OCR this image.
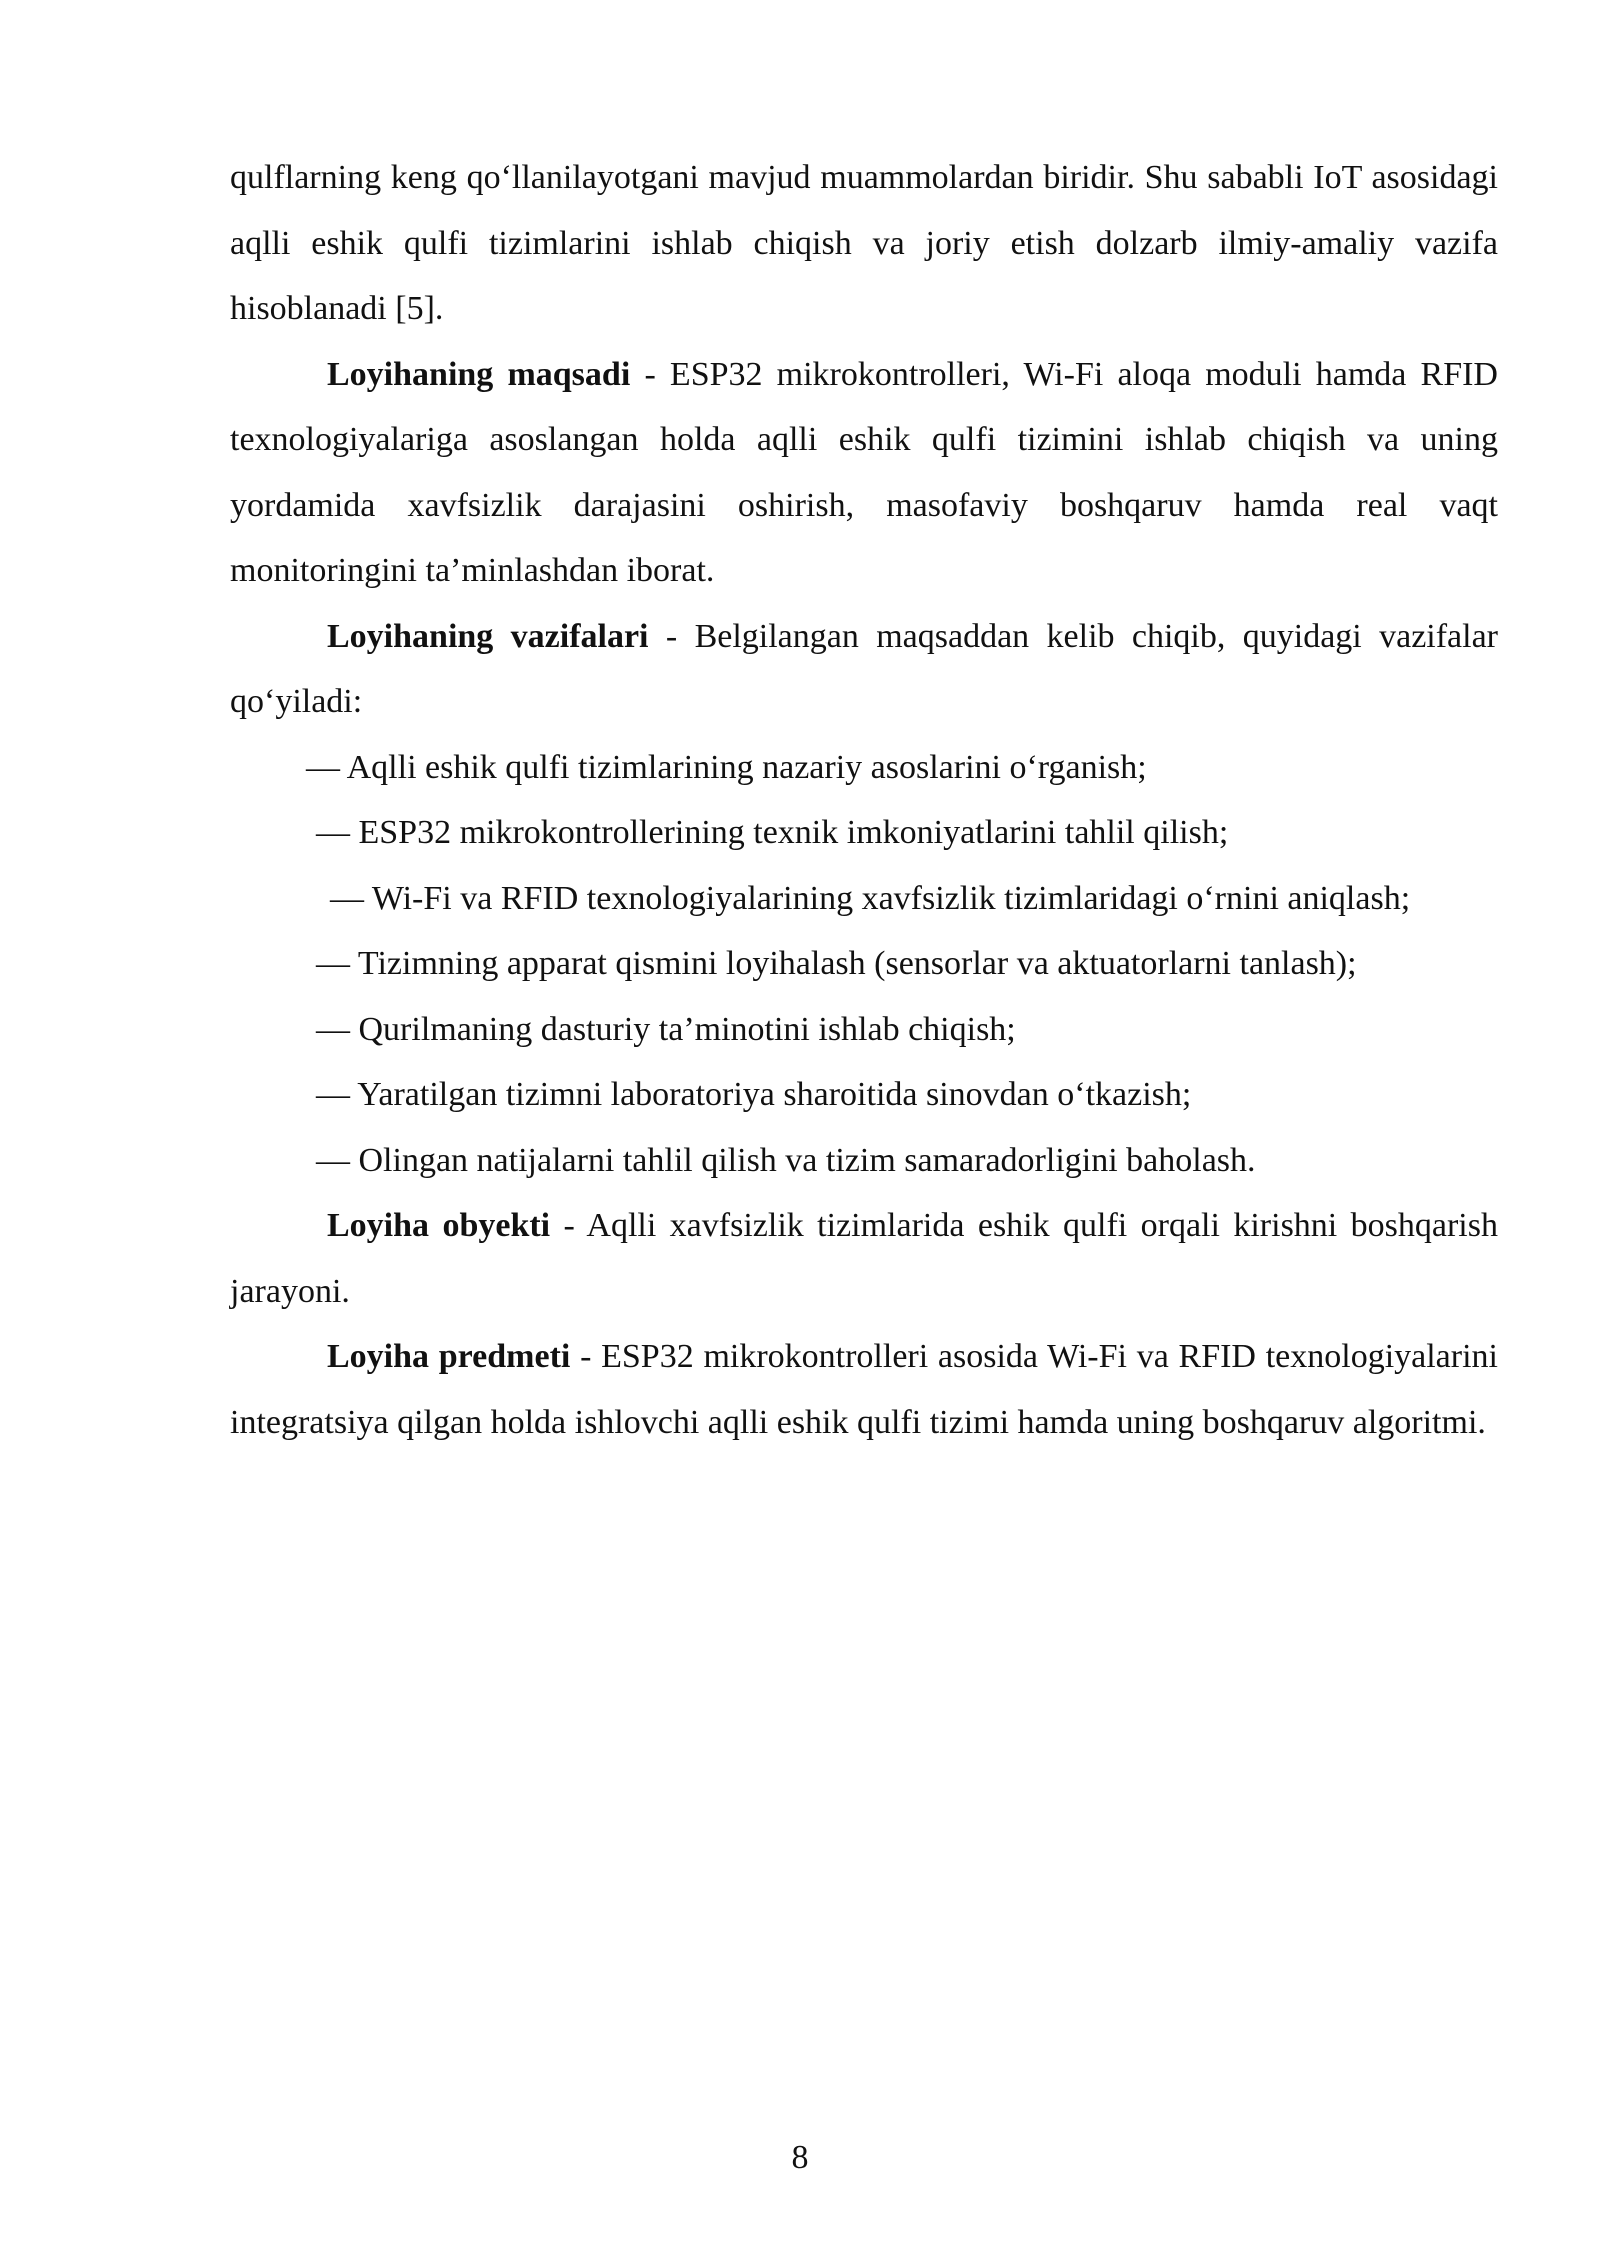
qulflarning keng qo‘llanilayotgani mavjud muammolardan biridir. Shu sababli IoT asosidagi aqlli eshik qulfi tizimlarini ishlab chiqish va joriy etish dolzarb ilmiy-amaliy vazifa hisoblanadi [5].

Loyihaning maqsadi - ESP32 mikrokontrolleri, Wi-Fi aloqa moduli hamda RFID texnologiyalariga asoslangan holda aqlli eshik qulfi tizimini ishlab chiqish va uning yordamida xavfsizlik darajasini oshirish, masofaviy boshqaruv hamda real vaqt monitoringini ta’minlashdan iborat.

Loyihaning vazifalari - Belgilangan maqsaddan kelib chiqib, quyidagi vazifalar qo‘yiladi:

— Aqlli eshik qulfi tizimlarining nazariy asoslarini o‘rganish;

— ESP32 mikrokontrollerining texnik imkoniyatlarini tahlil qilish;

— Wi-Fi va RFID texnologiyalarining xavfsizlik tizimlaridagi o‘rnini aniqlash;

— Tizimning apparat qismini loyihalash (sensorlar va aktuatorlarni tanlash);

— Qurilmaning dasturiy ta’minotini ishlab chiqish;

— Yaratilgan tizimni laboratoriya sharoitida sinovdan o‘tkazish;

— Olingan natijalarni tahlil qilish va tizim samaradorligini baholash.

Loyiha obyekti - Aqlli xavfsizlik tizimlarida eshik qulfi orqali kirishni boshqarish jarayoni.

Loyiha predmeti - ESP32 mikrokontrolleri asosida Wi-Fi va RFID texnologiyalarini integratsiya qilgan holda ishlovchi aqlli eshik qulfi tizimi hamda uning boshqaruv algoritmi.

8
